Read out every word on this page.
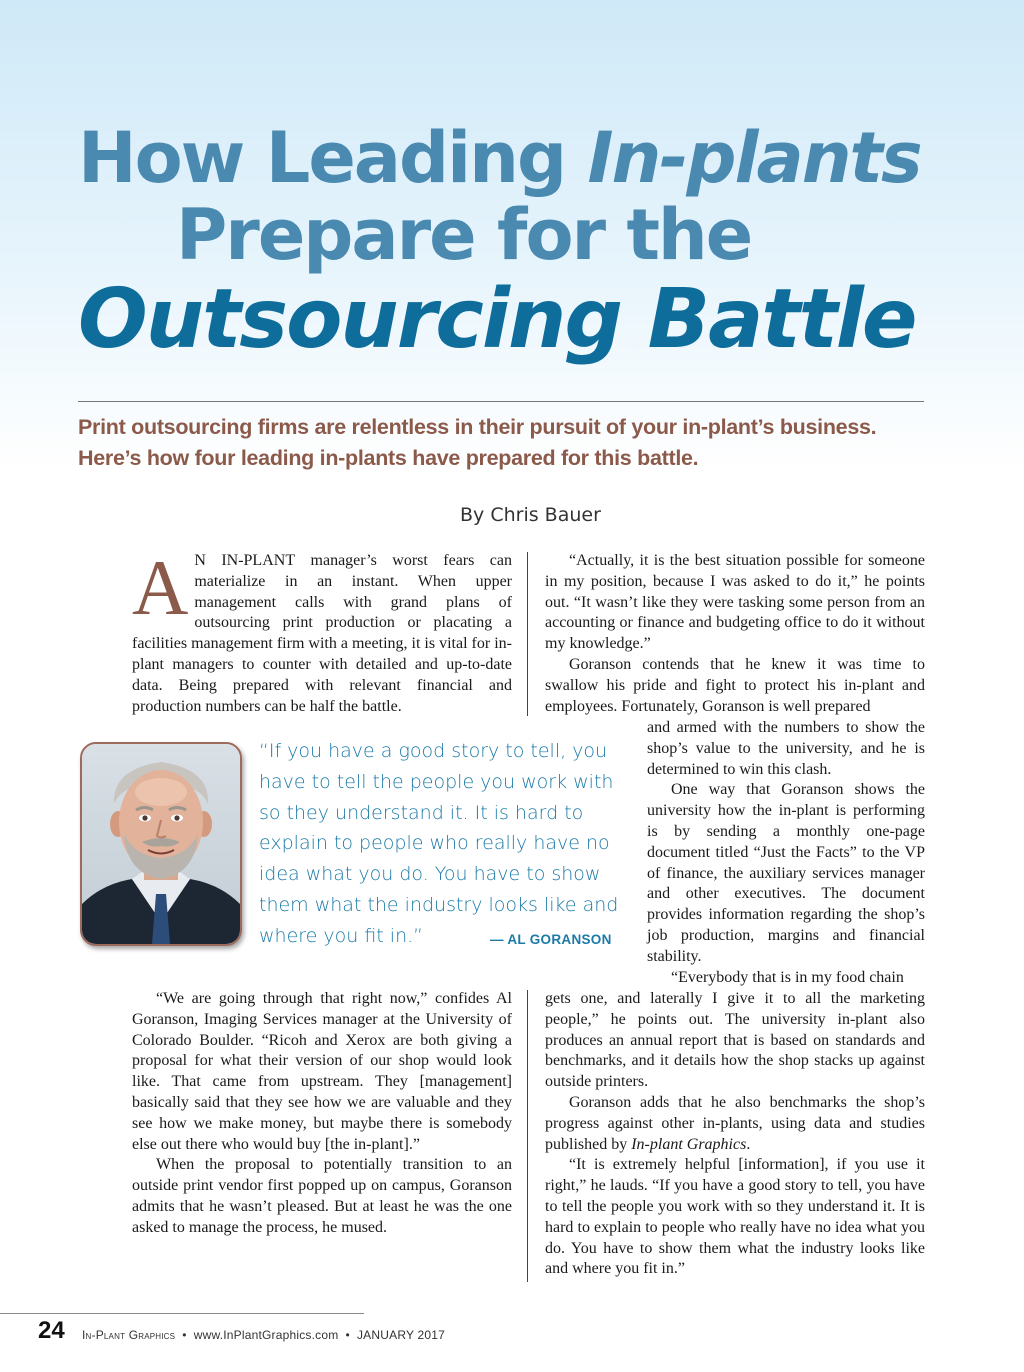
How Leading In-plants
Prepare for the
Outsourcing Battle
Print outsourcing firms are relentless in their pursuit of your in-plant’s business.
Here’s how four leading in-plants have prepared for this battle.
By Chris Bauer

A N IN-PLANT manager’s worst fears can materialize in an instant. When upper management calls with grand plans of outsourcing print production or placating a facilities management firm with a meeting, it is vital for in-plant managers to counter with detailed and up-to-date data. Being prepared with relevant financial and production numbers can be half the battle.

“If you have a good story to tell, you have to tell the people you work with so they understand it. It is hard to explain to people who really have no idea what you do. You have to show them what the industry looks like and where you fit in.”	— AL GORANSON

“We are going through that right now,” confides Al Goranson, Imaging Services manager at the University of Colorado Boulder. “Ricoh and Xerox are both giving a proposal for what their version of our shop would look like. That came from upstream. They [management] basically said that they see how we are valuable and they see how we make money, but maybe there is somebody else out there who would buy [the in-plant].”

When the proposal to potentially transition to an outside print vendor first popped up on campus, Goranson admits that he wasn’t pleased. But at least he was the one asked to manage the process, he mused.

“Actually, it is the best situation possible for someone in my position, because I was asked to do it,” he points out. “It wasn’t like they were tasking some person from an accounting or finance and budgeting office to do it without my knowledge.”

Goranson contends that he knew it was time to swallow his pride and fight to protect his in-plant and employees. Fortunately, Goranson is well prepared

and armed with the numbers to show the shop’s value to the university, and he is determined to win this clash.

One way that Goranson shows the university how the in-plant is performing is by sending a monthly one-page document titled “Just the Facts” to the VP of finance, the auxiliary services manager and other executives. The document provides information regarding the shop’s job production, margins and financial stability.

“Everybody that is in my food chain

gets one, and laterally I give it to all the marketing people,” he points out. The university in-plant also produces an annual report that is based on standards and benchmarks, and it details how the shop stacks up against outside printers.

Goranson adds that he also benchmarks the shop’s progress against other in-plants, using data and studies published by In-plant Graphics.

“It is extremely helpful [information], if you use it right,” he lauds. “If you have a good story to tell, you have to tell the people you work with so they understand it. It is hard to explain to people who really have no idea what you do. You have to show them what the industry looks like and where you fit in.”

24 In-Plant Graphics • www.InPlantGraphics.com • JANUARY 2017
